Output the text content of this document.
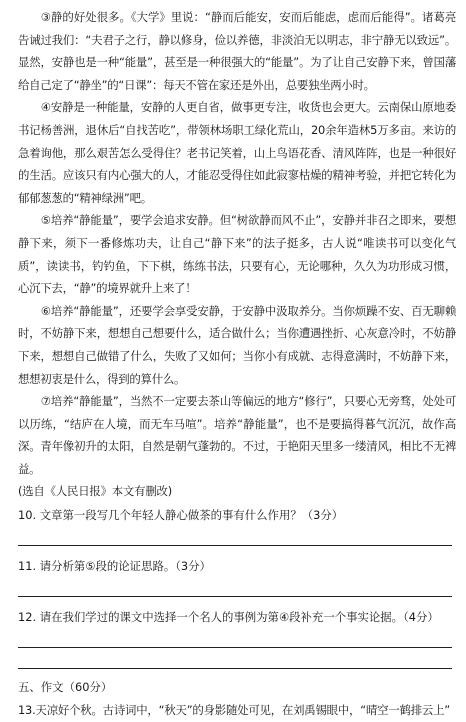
③静的好处很多。《大学》里说：“静而后能安，安而后能虑，虑而后能得”。诸葛亮告诫过我们：“夫君子之行，静以修身，俭以养德，非淡泊无以明志，非宁静无以致远”。显然，安静也是一种“能量”，甚至是一种很强大的“能量”。为了让自己安静下来，曾国藩给自己定了“静坐”的“日课”：每天不管在家还是外出，总要独坐两小时。

④安静是一种能量，安静的人更自省，做事更专注，收货也会更大。云南保山原地委书记杨善洲，退休后“自找苦吃”，带领林场职工绿化荒山，20余年造林5万多亩。来访的急着询他，那么艰苦怎么受得住？老书记笑着，山上鸟语花香、清风阵阵，也是一种很好的生活。应该只有内心强大的人，才能忍受得住如此寂寥枯燥的精神考验，并把它转化为郁郁葱葱的“精神绿洲”吧。

⑤培养“静能量”，要学会追求安静。但“树欲静而风不止”，安静并非召之即来，要想静下来，须下一番修炼功夫，让自己“静下来”的法子挺多，古人说“唯读书可以变化气质”，读读书，钓钓鱼，下下棋，练练书法，只要有心，无论哪种，久久为功形成习惯，心沉下去，“静”的境界就升上来了！

⑥培养“静能量”，还要学会享受安静，于安静中汲取养分。当你烦躁不安、百无聊赖时，不妨静下来，想想自己想要什么，适合做什么；当你遭遇挫折、心灰意冷时，不妨静下来，想想自己做错了什么，失败了又如何；当你小有成就、志得意满时，不妨静下来，想想初衷是什么，得到的算什么。

⑦培养“静能量”，当然不一定要去茶山等偏远的地方“修行”，只要心无旁骛，处处可以历练，“结庐在人境，而无车马喧”。培养“静能量”，也不是要搞得暮气沉沉，故作高深。青年像初升的太阳，自然是朝气蓬勃的。不过，于艳阳天里多一缕清风，相比不无裨益。

(选自《人民日报》本文有删改)

10. 文章第一段写几个年轻人静心做茶的事有什么作用？（3分）

11. 请分析第⑤段的论证思路。（3分）

12. 请在我们学过的课文中选择一个名人的事例为第④段补充一个事实论据。（4分）

五、作文（60分）

13.天凉好个秋。古诗词中，“秋天”的身影随处可见，在刘禹锡眼中，“晴空一鹤排云上”
